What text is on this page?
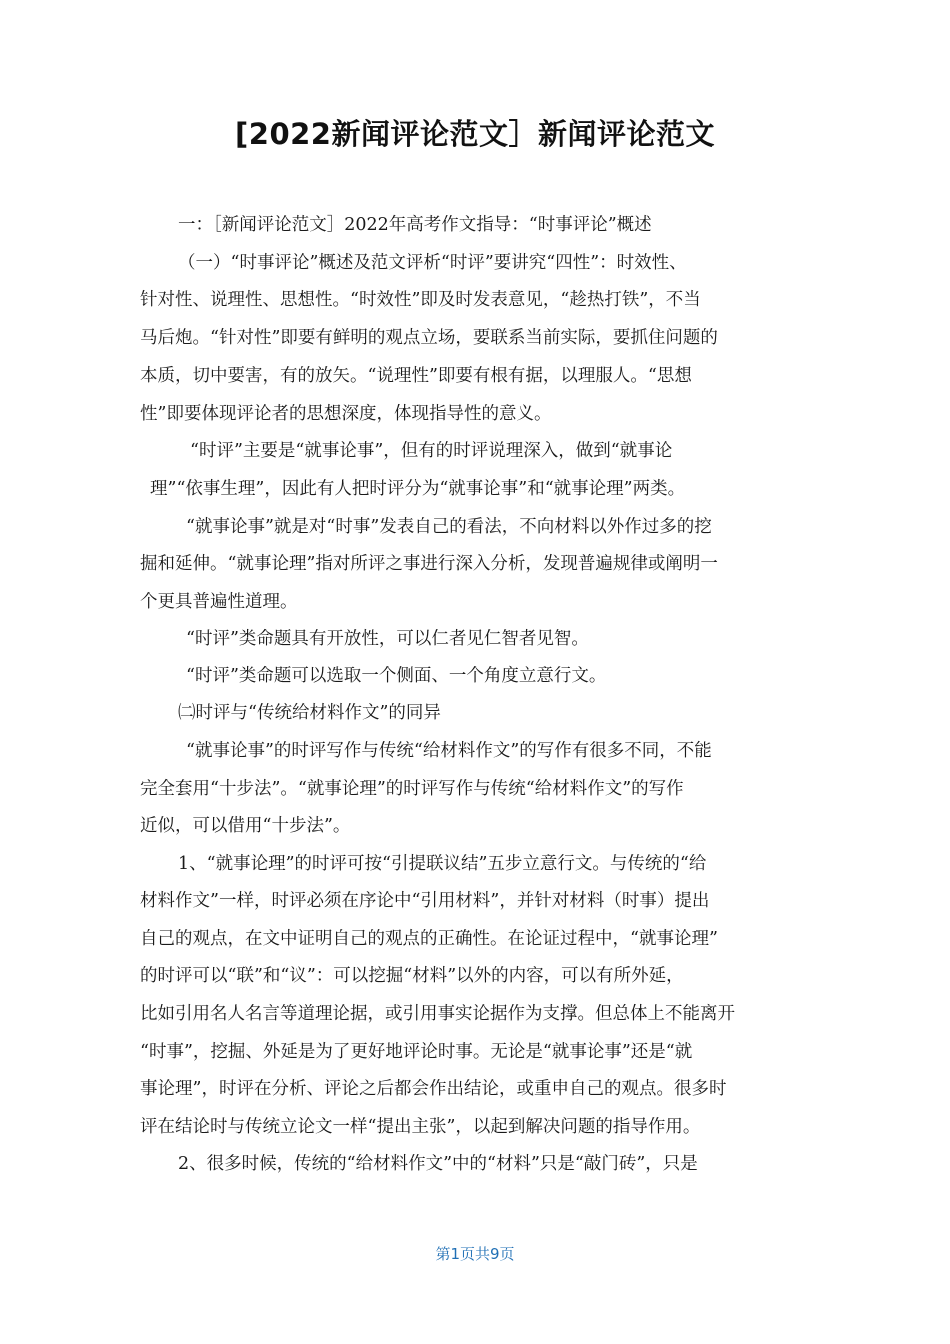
[2022新闻评论范文］新闻评论范文
一：［新闻评论范文］2022年高考作文指导：“时事评论”概述
（一）“时事评论”概述及范文评析“时评”要讲究“四性”：时效性、
针对性、说理性、思想性。“时效性”即及时发表意见，“趁热打铁”，不当
马后炮。“针对性”即要有鲜明的观点立场，要联系当前实际，要抓住问题的
本质，切中要害，有的放矢。“说理性”即要有根有据，以理服人。“思想
性”即要体现评论者的思想深度，体现指导性的意义。
“时评”主要是“就事论事”，但有的时评说理深入，做到“就事论
理”“依事生理”，因此有人把时评分为“就事论事”和“就事论理”两类。
“就事论事”就是对“时事”发表自己的看法，不向材料以外作过多的挖
掘和延伸。“就事论理”指对所评之事进行深入分析，发现普遍规律或阐明一
个更具普遍性道理。
“时评”类命题具有开放性，可以仁者见仁智者见智。
“时评”类命题可以选取一个侧面、一个角度立意行文。
㈡时评与“传统给材料作文”的同异
“就事论事”的时评写作与传统“给材料作文”的写作有很多不同，不能
完全套用“十步法”。“就事论理”的时评写作与传统“给材料作文”的写作
近似，可以借用“十步法”。
1、“就事论理”的时评可按“引提联议结”五步立意行文。与传统的“给
材料作文”一样，时评必须在序论中“引用材料”，并针对材料（时事）提出
自己的观点，在文中证明自己的观点的正确性。在论证过程中，“就事论理”
的时评可以“联”和“议”：可以挖掘“材料”以外的内容，可以有所外延，
比如引用名人名言等道理论据，或引用事实论据作为支撑。但总体上不能离开
“时事”，挖掘、外延是为了更好地评论时事。无论是“就事论事”还是“就
事论理”，时评在分析、评论之后都会作出结论，或重申自己的观点。很多时
评在结论时与传统立论文一样“提出主张”，以起到解决问题的指导作用。
2、很多时候，传统的“给材料作文”中的“材料”只是“敲门砖”，只是
第1页共9页
